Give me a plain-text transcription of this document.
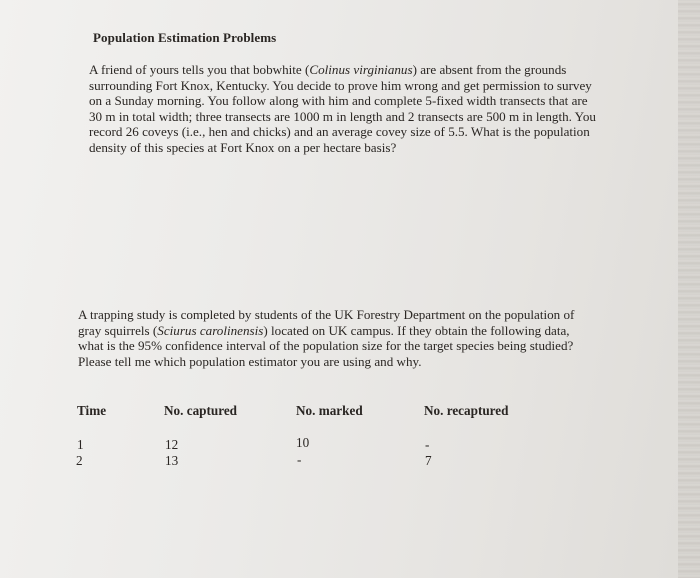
Population Estimation Problems

A friend of yours tells you that bobwhite (Colinus virginianus) are absent from the grounds surrounding Fort Knox, Kentucky. You decide to prove him wrong and get permission to survey on a Sunday morning. You follow along with him and complete 5-fixed width transects that are 30 m in total width; three transects are 1000 m in length and 2 transects are 500 m in length. You record 26 coveys (i.e., hen and chicks) and an average covey size of 5.5. What is the population density of this species at Fort Knox on a per hectare basis?

A trapping study is completed by students of the UK Forestry Department on the population of gray squirrels (Sciurus carolinensis) located on UK campus. If they obtain the following data, what is the 95% confidence interval of the population size for the target species being studied? Please tell me which population estimator you are using and why.

Time	No. captured	No. marked	No. recaptured
1	12	10	-
2	13	-	7
